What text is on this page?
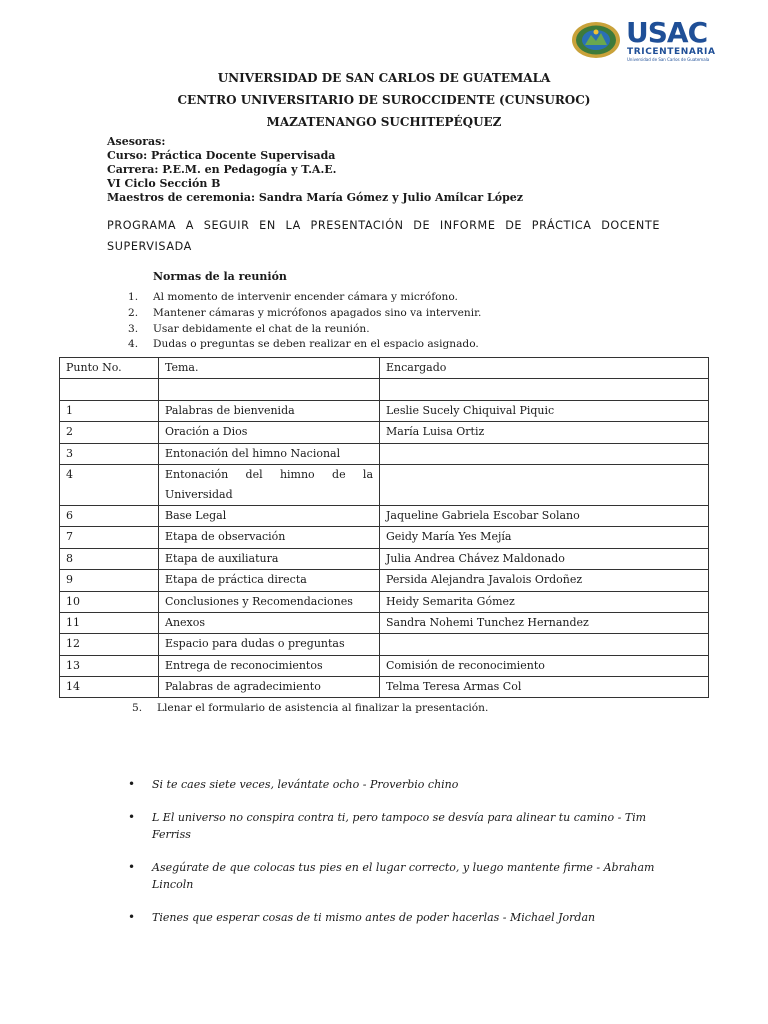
USAC
TRICENTENARIA
Universidad de San Carlos de Guatemala
UNIVERSIDAD DE SAN CARLOS DE GUATEMALA
CENTRO UNIVERSITARIO DE SUROCCIDENTE (CUNSUROC)
MAZATENANGO SUCHITEPÉQUEZ
Asesoras:
Curso: Práctica Docente Supervisada
Carrera: P.E.M. en Pedagogía y T.A.E.
VI Ciclo Sección B
Maestros de ceremonia: Sandra María Gómez y Julio Amílcar López
PROGRAMA A SEGUIR EN LA PRESENTACIÓN DE INFORME DE PRÁCTICA DOCENTE SUPERVISADA
Normas de la reunión
1. Al momento de intervenir encender cámara y micrófono.
2. Mantener cámaras y micrófonos apagados sino va intervenir.
3. Usar debidamente el chat de la reunión.
4. Dudas o preguntas se deben realizar en el espacio asignado.
Punto No.	Tema.	Encargado

1	Palabras de bienvenida	Leslie Sucely Chiquival Piquic
2	Oración a Dios	María Luisa Ortiz
3	Entonación del himno Nacional	
4	Entonación del himno de la Universidad	
6	Base Legal	Jaqueline Gabriela Escobar Solano
7	Etapa de observación	Geidy María Yes Mejía
8	Etapa de auxiliatura	Julia Andrea Chávez Maldonado
9	Etapa de práctica directa	Persida Alejandra Javalois Ordoñez
10	Conclusiones y Recomendaciones	Heidy Semarita Gómez
11	Anexos	Sandra Nohemi Tunchez Hernandez
12	Espacio para dudas o preguntas	
13	Entrega de reconocimientos	Comisión de reconocimiento
14	Palabras de agradecimiento	Telma Teresa Armas Col
5. Llenar el formulario de asistencia al finalizar la presentación.
• Si te caes siete veces, levántate ocho - Proverbio chino
• L El universo no conspira contra ti, pero tampoco se desvía para alinear tu camino - Tim Ferriss
• Asegúrate de que colocas tus pies en el lugar correcto, y luego mantente firme - Abraham Lincoln
• Tienes que esperar cosas de ti mismo antes de poder hacerlas - Michael Jordan
